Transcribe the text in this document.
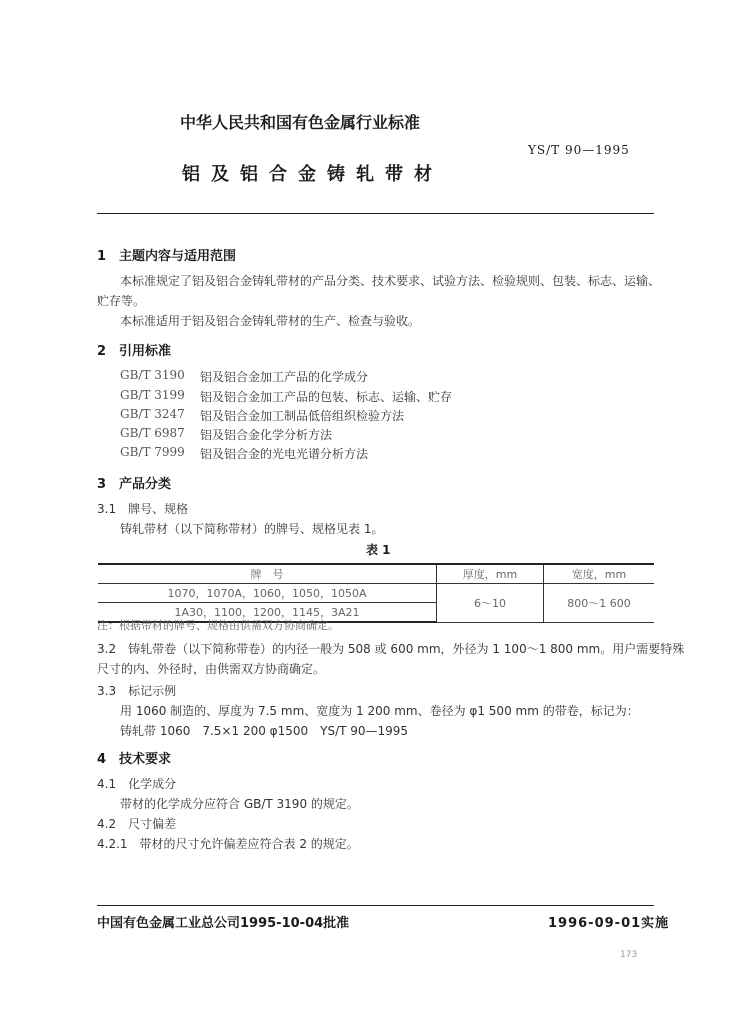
中华人民共和国有色金属行业标准
YS/T 90—1995
铝及铝合金铸轧带材
1　主题内容与适用范围
本标准规定了铝及铝合金铸轧带材的产品分类、技术要求、试验方法、检验规则、包装、标志、运输、
贮存等。
本标准适用于铝及铝合金铸轧带材的生产、检查与验收。
2　引用标准
GB/T 3190 铝及铝合金加工产品的化学成分
GB/T 3199 铝及铝合金加工产品的包装、标志、运输、贮存
GB/T 3247 铝及铝合金加工制品低倍组织检验方法
GB/T 6987 铝及铝合金化学分析方法
GB/T 7999 铝及铝合金的光电光谱分析方法
3　产品分类
3.1　牌号、规格
铸轧带材（以下简称带材）的牌号、规格见表 1。
表 1
牌　号	厚度，mm	宽度，mm
1070，1070A，1060，1050，1050A	6～10	800～1 600
1A30，1100，1200，1145，3A21		
注：根据带材的牌号、规格由供需双方协商确定。
3.2　铸轧带卷（以下简称带卷）的内径一般为 508 或 600 mm，外径为 1 100～1 800 mm。用户需要特殊
尺寸的内、外径时，由供需双方协商确定。
3.3　标记示例
用 1060 制造的、厚度为 7.5 mm、宽度为 1 200 mm、卷径为 φ1 500 mm 的带卷，标记为：
铸轧带 1060　7.5×1 200 φ1500　YS/T 90—1995
4　技术要求
4.1　化学成分
带材的化学成分应符合 GB/T 3190 的规定。
4.2　尺寸偏差
4.2.1　带材的尺寸允许偏差应符合表 2 的规定。
中国有色金属工业总公司1995-10-04批准	1996-09-01实施
173
